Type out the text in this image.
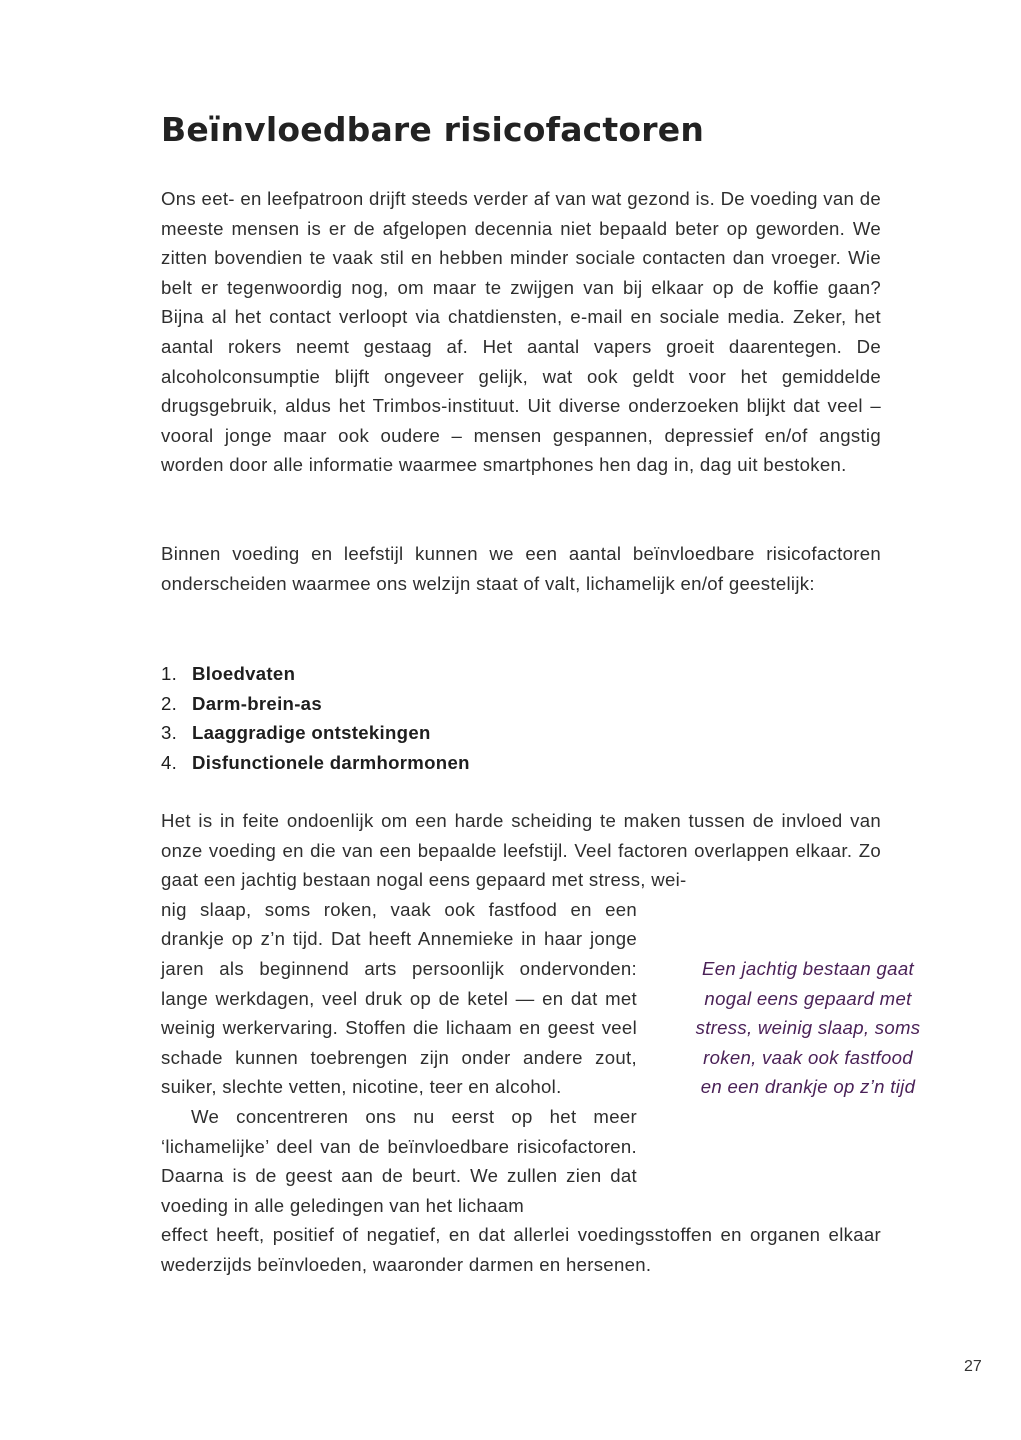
Beïnvloedbare risicofactoren

Ons eet- en leefpatroon drijft steeds verder af van wat gezond is. De voeding van de meeste mensen is er de afgelopen decennia niet bepaald beter op geworden. We zitten bovendien te vaak stil en hebben minder sociale contacten dan vroeger. Wie belt er tegenwoordig nog, om maar te zwijgen van bij elkaar op de koffie gaan? Bijna al het contact verloopt via chatdiensten, e-mail en sociale media. Zeker, het aantal rokers neemt gestaag af. Het aantal vapers groeit daarentegen. De alcoholconsumptie blijft ongeveer gelijk, wat ook geldt voor het gemiddelde drugsgebruik, aldus het Trimbos-instituut. Uit diverse onderzoeken blijkt dat veel – vooral jonge maar ook oudere – mensen gespannen, depressief en/of angstig worden door alle informatie waarmee smartphones hen dag in, dag uit bestoken.

Binnen voeding en leefstijl kunnen we een aantal beïnvloedbare risicofactoren onderscheiden waarmee ons welzijn staat of valt, lichamelijk en/of geestelijk:

1. Bloedvaten
2. Darm-brein-as
3. Laaggradige ontstekingen
4. Disfunctionele darmhormonen
Het is in feite ondoenlijk om een harde scheiding te maken tussen de invloed van onze voeding en die van een bepaalde leefstijl. Veel factoren overlappen elkaar. Zo gaat een jachtig bestaan nogal eens gepaard met stress, wei-
nig slaap, soms roken, vaak ook fastfood en een drankje op z’n tijd. Dat heeft Annemieke in haar jonge jaren als beginnend arts persoonlijk ondervonden: lange werkdagen, veel druk op de ketel — en dat met weinig werkervaring. Stoffen die lichaam en geest veel schade kunnen toebrengen zijn onder andere zout, suiker, slechte vetten, nicotine, teer en alcohol.
We concentreren ons nu eerst op het meer ‘lichamelijke’ deel van de beïnvloedbare risicofactoren. Daarna is de geest aan de beurt. We zullen zien dat voeding in alle geledingen van het lichaam
effect heeft, positief of negatief, en dat allerlei voedingsstoffen en organen elkaar wederzijds beïnvloeden, waaronder darmen en hersenen.

Een jachtig bestaan gaat nogal eens gepaard met stress, weinig slaap, soms roken, vaak ook fastfood en een drankje op z’n tijd

27
